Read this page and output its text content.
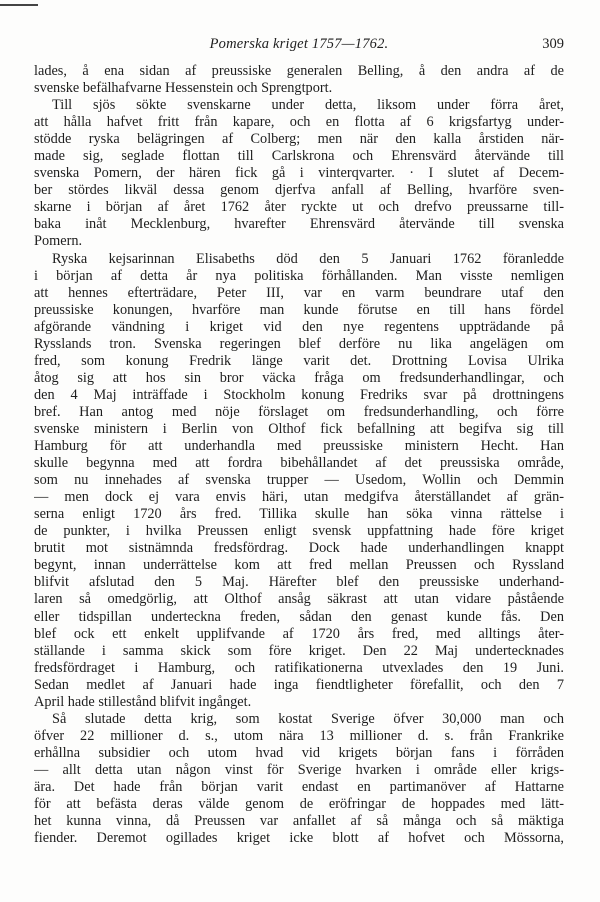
Pomerska kriget 1757—1762.	309
lades, å ena sidan af preussiske generalen Belling, å den andra af de
svenske befälhafvarne Hessenstein och Sprengtport.
Till sjös sökte svenskarne under detta, liksom under förra året,
att hålla hafvet fritt från kapare, och en flotta af 6 krigsfartyg under-
stödde ryska belägringen af Colberg; men när den kalla årstiden när-
made sig, seglade flottan till Carlskrona och Ehrensvärd återvände till
svenska Pomern, der hären fick gå i vinterqvarter. · I slutet af Decem-
ber stördes likväl dessa genom djerfva anfall af Belling, hvarföre sven-
skarne i början af året 1762 åter ryckte ut och drefvo preussarne till-
baka inåt Mecklenburg, hvarefter Ehrensvärd återvände till svenska
Pomern.
Ryska kejsarinnan Elisabeths död den 5 Januari 1762 föranledde
i början af detta år nya politiska förhållanden. Man visste nemligen
att hennes efterträdare, Peter III, var en varm beundrare utaf den
preussiske konungen, hvarföre man kunde förutse en till hans fördel
afgörande vändning i kriget vid den nye regentens uppträdande på
Rysslands tron. Svenska regeringen blef derföre nu lika angelägen om
fred, som konung Fredrik länge varit det. Drottning Lovisa Ulrika
åtog sig att hos sin bror väcka fråga om fredsunderhandlingar, och
den 4 Maj inträffade i Stockholm konung Fredriks svar på drottningens
bref. Han antog med nöje förslaget om fredsunderhandling, och förre
svenske ministern i Berlin von Olthof fick befallning att begifva sig till
Hamburg för att underhandla med preussiske ministern Hecht. Han
skulle begynna med att fordra bibehållandet af det preussiska område,
som nu innehades af svenska trupper — Usedom, Wollin och Demmin
— men dock ej vara envis häri, utan medgifva återställandet af grän-
serna enligt 1720 års fred. Tillika skulle han söka vinna rättelse i
de punkter, i hvilka Preussen enligt svensk uppfattning hade före kriget
brutit mot sistnämnda fredsfördrag. Dock hade underhandlingen knappt
begynt, innan underrättelse kom att fred mellan Preussen och Ryssland
blifvit afslutad den 5 Maj. Härefter blef den preussiske underhand-
laren så omedgörlig, att Olthof ansåg säkrast att utan vidare påstående
eller tidspillan underteckna freden, sådan den genast kunde fås. Den
blef ock ett enkelt upplifvande af 1720 års fred, med alltings åter-
ställande i samma skick som före kriget. Den 22 Maj undertecknades
fredsfördraget i Hamburg, och ratifikationerna utvexlades den 19 Juni.
Sedan medlet af Januari hade inga fiendtligheter förefallit, och den 7
April hade stillestånd blifvit ingånget.
Så slutade detta krig, som kostat Sverige öfver 30,000 man och
öfver 22 millioner d. s., utom nära 13 millioner d. s. från Frankrike
erhållna subsidier och utom hvad vid krigets början fans i förråden
— allt detta utan någon vinst för Sverige hvarken i område eller krigs-
ära. Det hade från början varit endast en partimanöver af Hattarne
för att befästa deras välde genom de eröfringar de hoppades med lätt-
het kunna vinna, då Preussen var anfallet af så många och så mäktiga
fiender. Deremot ogillades kriget icke blott af hofvet och Mössorna,
